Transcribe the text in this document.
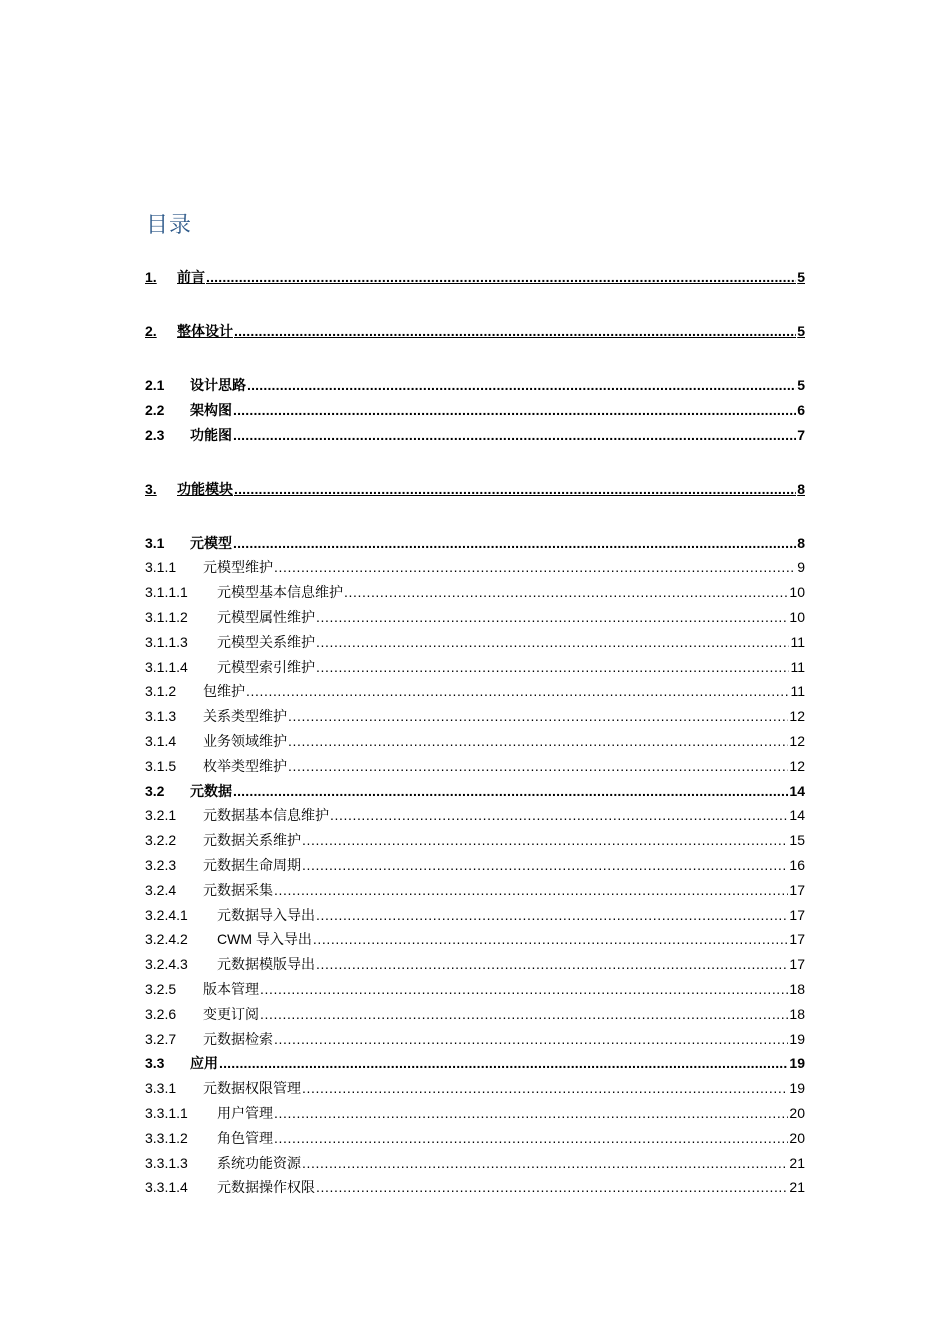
目录
1.	前言 .....	5
2.	整体设计 .....	5
2.1	设计思路 .....	5
2.2	架构图 .....	6
2.3	功能图 .....	7
3.	功能模块 .....	8
3.1	元模型 .....	8
3.1.1	元模型维护 .....	9
3.1.1.1	元模型基本信息维护 .....	10
3.1.1.2	元模型属性维护 .....	10
3.1.1.3	元模型关系维护 .....	11
3.1.1.4	元模型索引维护 .....	11
3.1.2	包维护 .....	11
3.1.3	关系类型维护 .....	12
3.1.4	业务领域维护 .....	12
3.1.5	枚举类型维护 .....	12
3.2	元数据 .....	14
3.2.1	元数据基本信息维护 .....	14
3.2.2	元数据关系维护 .....	15
3.2.3	元数据生命周期 .....	16
3.2.4	元数据采集 .....	17
3.2.4.1	元数据导入导出 .....	17
3.2.4.2	CWM 导入导出 .....	17
3.2.4.3	元数据模版导出 .....	17
3.2.5	版本管理 .....	18
3.2.6	变更订阅 .....	18
3.2.7	元数据检索 .....	19
3.3	应用 .....	19
3.3.1	元数据权限管理 .....	19
3.3.1.1	用户管理 .....	20
3.3.1.2	角色管理 .....	20
3.3.1.3	系统功能资源 .....	21
3.3.1.4	元数据操作权限 .....	21
